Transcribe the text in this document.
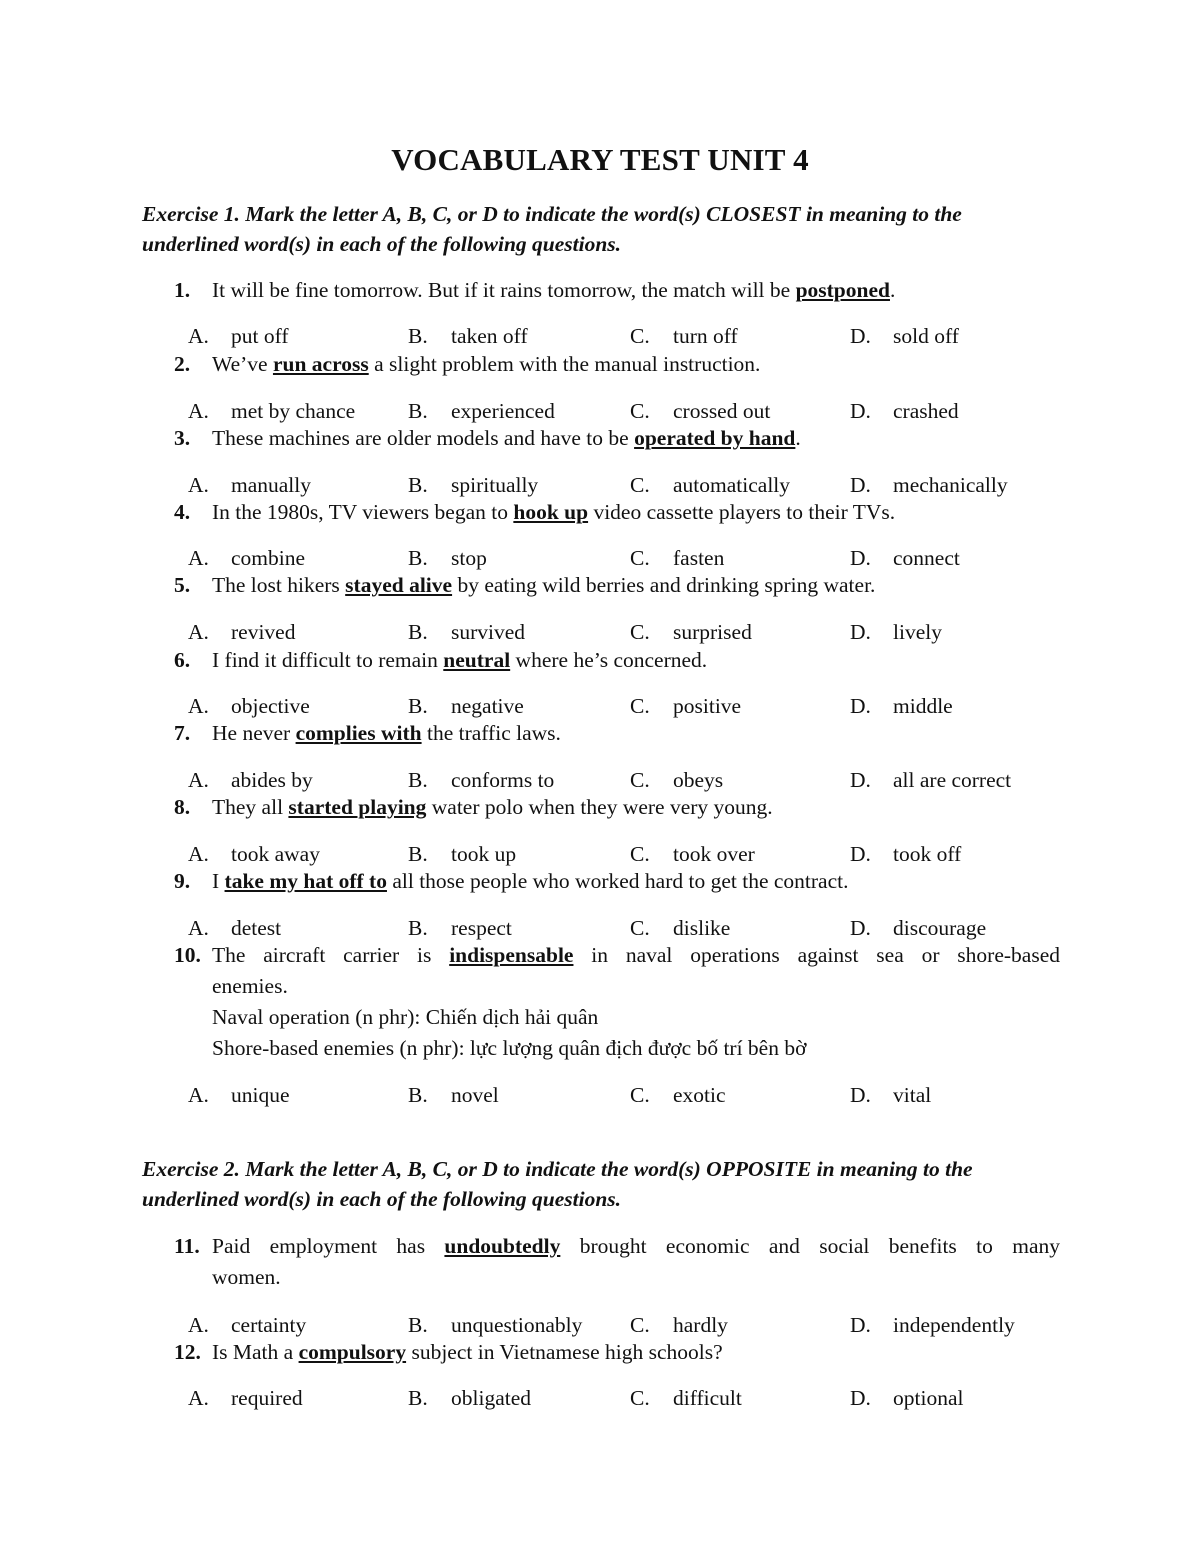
VOCABULARY TEST UNIT 4
Exercise 1. Mark the letter A, B, C, or D to indicate the word(s) CLOSEST in meaning to the underlined word(s) in each of the following questions.
1. It will be fine tomorrow. But if it rains tomorrow, the match will be postponed.
A. put off	B. taken off	C. turn off	D. sold off
2. We’ve run across a slight problem with the manual instruction.
A. met by chance B. experienced	C. crossed out	D. crashed
3. These machines are older models and have to be operated by hand.
A. manually	B. spiritually	C. automatically	D. mechanically
4. In the 1980s, TV viewers began to hook up video cassette players to their TVs.
A. combine	B. stop	C. fasten	D. connect
5. The lost hikers stayed alive by eating wild berries and drinking spring water.
A. revived	B. survived	C. surprised	D. lively
6. I find it difficult to remain neutral where he’s concerned.
A. objective	B. negative	C. positive	D. middle
7. He never complies with the traffic laws.
A. abides by	B. conforms to	C. obeys	D. all are correct
8. They all started playing water polo when they were very young.
A. took away	B. took up	C. took over	D. took off
9. I take my hat off to all those people who worked hard to get the contract.
A. detest	B. respect	C. dislike	D. discourage
10. The aircraft carrier is indispensable in naval operations against sea or shore-based
enemies.
Naval operation (n phr): Chiến dịch hải quân
Shore-based enemies (n phr): lực lượng quân địch được bố trí bên bờ
A. unique	B. novel	C. exotic	D. vital
Exercise 2. Mark the letter A, B, C, or D to indicate the word(s) OPPOSITE in meaning to the underlined word(s) in each of the following questions.
11. Paid employment has undoubtedly brought economic and social benefits to many
women.
A. certainty	B. unquestionably C. hardly	D. independently
12. Is Math a compulsory subject in Vietnamese high schools?
A. required	B. obligated	C. difficult	D. optional
